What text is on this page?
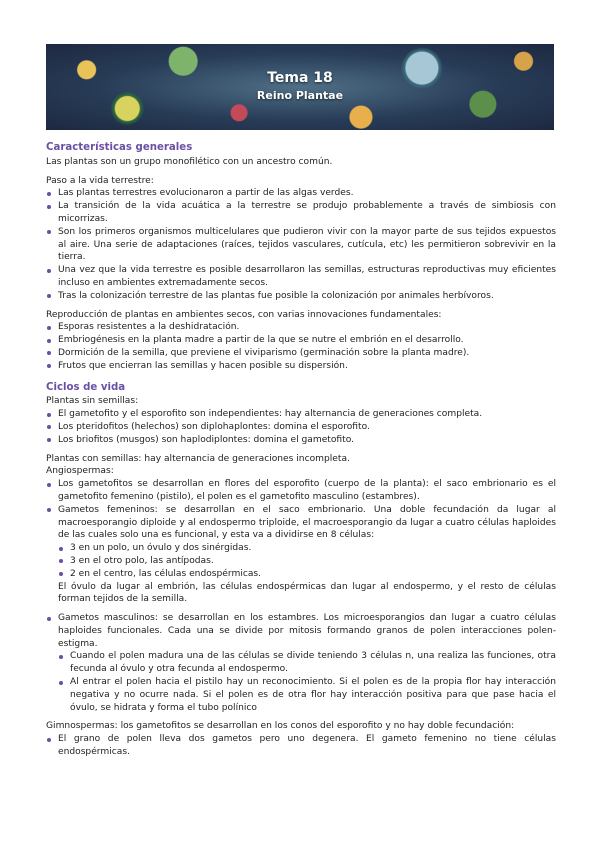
Tema 18
Reino Plantae
Características generales

Las plantas son un grupo monofilético con un ancestro común.

Paso a la vida terrestre:

Las plantas terrestres evolucionaron a partir de las algas verdes.
La transición de la vida acuática a la terrestre se produjo probablemente a través de simbiosis con micorrizas.
Son los primeros organismos multicelulares que pudieron vivir con la mayor parte de sus tejidos expuestos al aire. Una serie de adaptaciones (raíces, tejidos vasculares, cutícula, etc) les permitieron sobrevivir en la tierra.
Una vez que la vida terrestre es posible desarrollaron las semillas, estructuras reproductivas muy eficientes incluso en ambientes extremadamente secos.
Tras la colonización terrestre de las plantas fue posible la colonización por animales herbívoros.

Reproducción de plantas en ambientes secos, con varias innovaciones fundamentales:

Esporas resistentes a la deshidratación.
Embriogénesis en la planta madre a partir de la que se nutre el embrión en el desarrollo.
Dormición de la semilla, que previene el viviparismo (germinación sobre la planta madre).
Frutos que encierran las semillas y hacen posible su dispersión.
Ciclos de vida

Plantas sin semillas:

El gametofito y el esporofito son independientes: hay alternancia de generaciones completa.
Los pteridofitos (helechos) son diplohaplontes: domina el esporofito.
Los briofitos (musgos) son haplodiplontes: domina el gametofito.

Plantas con semillas: hay alternancia de generaciones incompleta.

Angiospermas:

Los gametofitos se desarrollan en flores del esporofito (cuerpo de la planta): el saco embrionario es el gametofito femenino (pistilo), el polen es el gametofito masculino (estambres).
Gametos femeninos: se desarrollan en el saco embrionario. Una doble fecundación da lugar al macroesporangio diploide y al endospermo triploide, el macroesporangio da lugar a cuatro células haploides de las cuales solo una es funcional, y esta va a dividirse en 8 células:
3 en un polo, un óvulo y dos sinérgidas.
3 en el otro polo, las antípodas.
2 en el centro, las células endospérmicas.

El óvulo da lugar al embrión, las células endospérmicas dan lugar al endospermo, y el resto de células forman tejidos de la semilla.

Gametos masculinos: se desarrollan en los estambres. Los microesporangios dan lugar a cuatro células haploides funcionales. Cada una se divide por mitosis formando granos de polen interacciones polen-estigma.
Cuando el polen madura una de las células se divide teniendo 3 células n, una realiza las funciones, otra fecunda al óvulo y otra fecunda al endospermo.
Al entrar el polen hacia el pistilo hay un reconocimiento. Si el polen es de la propia flor hay interacción negativa y no ocurre nada. Si el polen es de otra flor hay interacción positiva para que pase hacia el óvulo, se hidrata y forma el tubo polínico

Gimnospermas: los gametofitos se desarrollan en los conos del esporofito y no hay doble fecundación:

El grano de polen lleva dos gametos pero uno degenera. El gameto femenino no tiene células endospérmicas.
